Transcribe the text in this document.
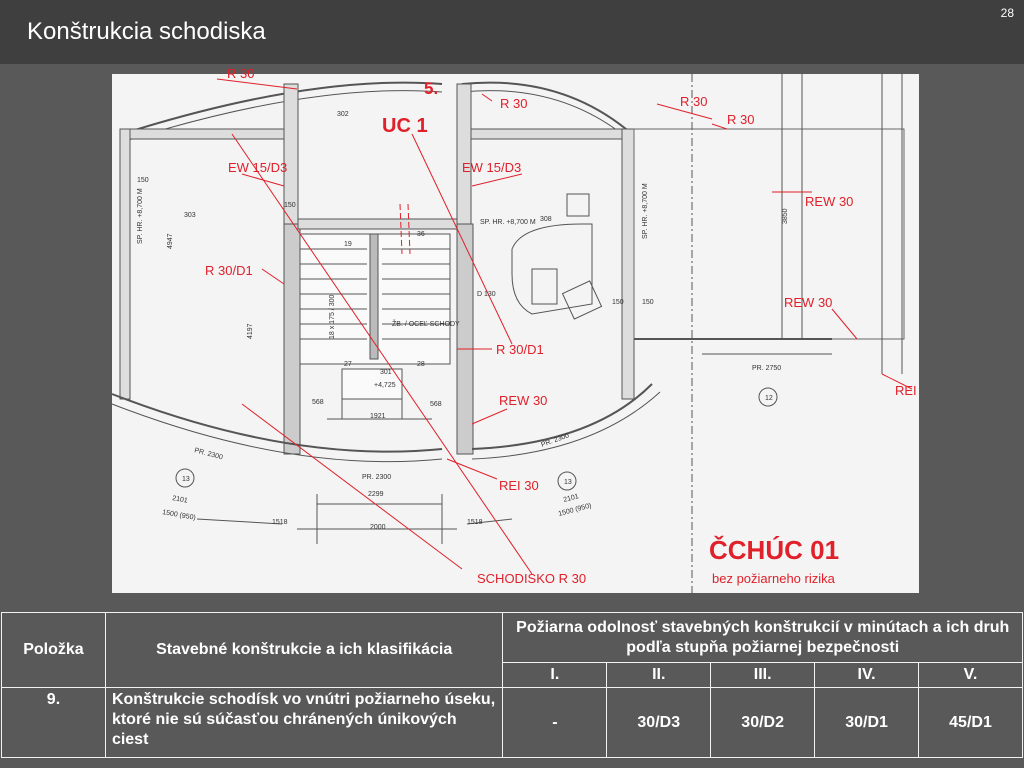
Konštrukcia schodiska
28
302
303
308
301
+4,725
ŽB. / OCEĽ SCHODY
SP. HR. +8,700 M	SP. HR. +8,700 M	SP. HR. +8,700 M
1921
2299
2000
1518	1518
568	568
150
150
150	150
3850
4947
4197
PR. 2750
PR. 2300
PR. 2300
PR. 2300
2101	2101
1500 (950)	1500 (950)
18 x 175 / 300
D 130
19
36
27	28
13	13
12
R 30
5.
UC 1
R 30	R 30
R 30
EW 15/D3	EW 15/D3
REW 30
R 30/D1
REW 30
R 30/D1
REI
REW 30
REI 30
SCHODISKO R 30
ČCHÚC 01
bez požiarneho rizika
Položka	Stavebné konštrukcie a ich klasifikácia	Požiarna odolnosť stavebných konštrukcií v minútach a ich druh podľa stupňa požiarnej bezpečnosti				
		I.	II.	III.	IV.	V.
9.	Konštrukcie schodísk vo vnútri požiarneho úseku, ktoré nie sú súčasťou chránených únikových ciest	-	30/D3	30/D2	30/D1	45/D1
